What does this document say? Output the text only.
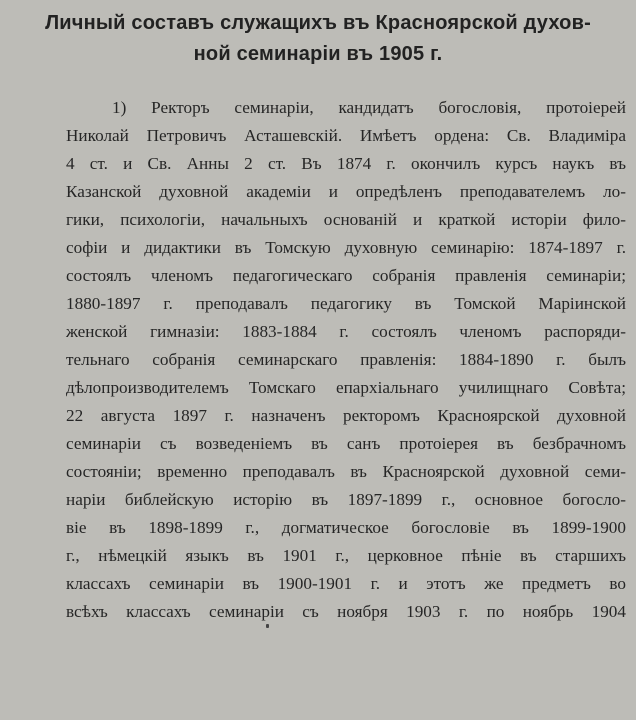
Личный составъ служащихъ въ Красноярской духов-
ной семинаріи въ 1905 г.
1) Ректоръ семинаріи, кандидатъ богословія, протоіерей
Николай Петровичъ Асташевскій. Имѣетъ ордена: Св. Владиміра
4 ст. и Св. Анны 2 ст. Въ 1874 г. окончилъ курсъ наукъ въ
Казанской духовной академіи и опредѣленъ преподавателемъ ло-
гики, психологіи, начальныхъ основаній и краткой исторіи фило-
софіи и дидактики въ Томскую духовную семинарію: 1874-1897 г.
состоялъ членомъ педагогическаго собранія правленія семинаріи;
1880-1897 г. преподавалъ педагогику въ Томской Маріинской
женской гимназіи: 1883-1884 г. состоялъ членомъ распоряди-
тельнаго собранія семинарскаго правленія: 1884-1890 г. былъ
дѣлопроизводителемъ Томскаго епархіальнаго училищнаго Совѣта;
22 августа 1897 г. назначенъ ректоромъ Красноярской духовной
семинаріи съ возведеніемъ въ санъ протоіерея въ безбрачномъ
состояніи; временно преподавалъ въ Красноярской духовной семи-
наріи библейскую исторію въ 1897-1899 г., основное богосло-
віе въ 1898-1899 г., догматическое богословіе въ 1899-1900
г., нѣмецкій языкъ въ 1901 г., церковное пѣніе въ старшихъ
классахъ семинаріи въ 1900-1901 г. и этотъ же предметъ во
всѣхъ классахъ семинаріи съ ноября 1903 г. по ноябрь 1904
